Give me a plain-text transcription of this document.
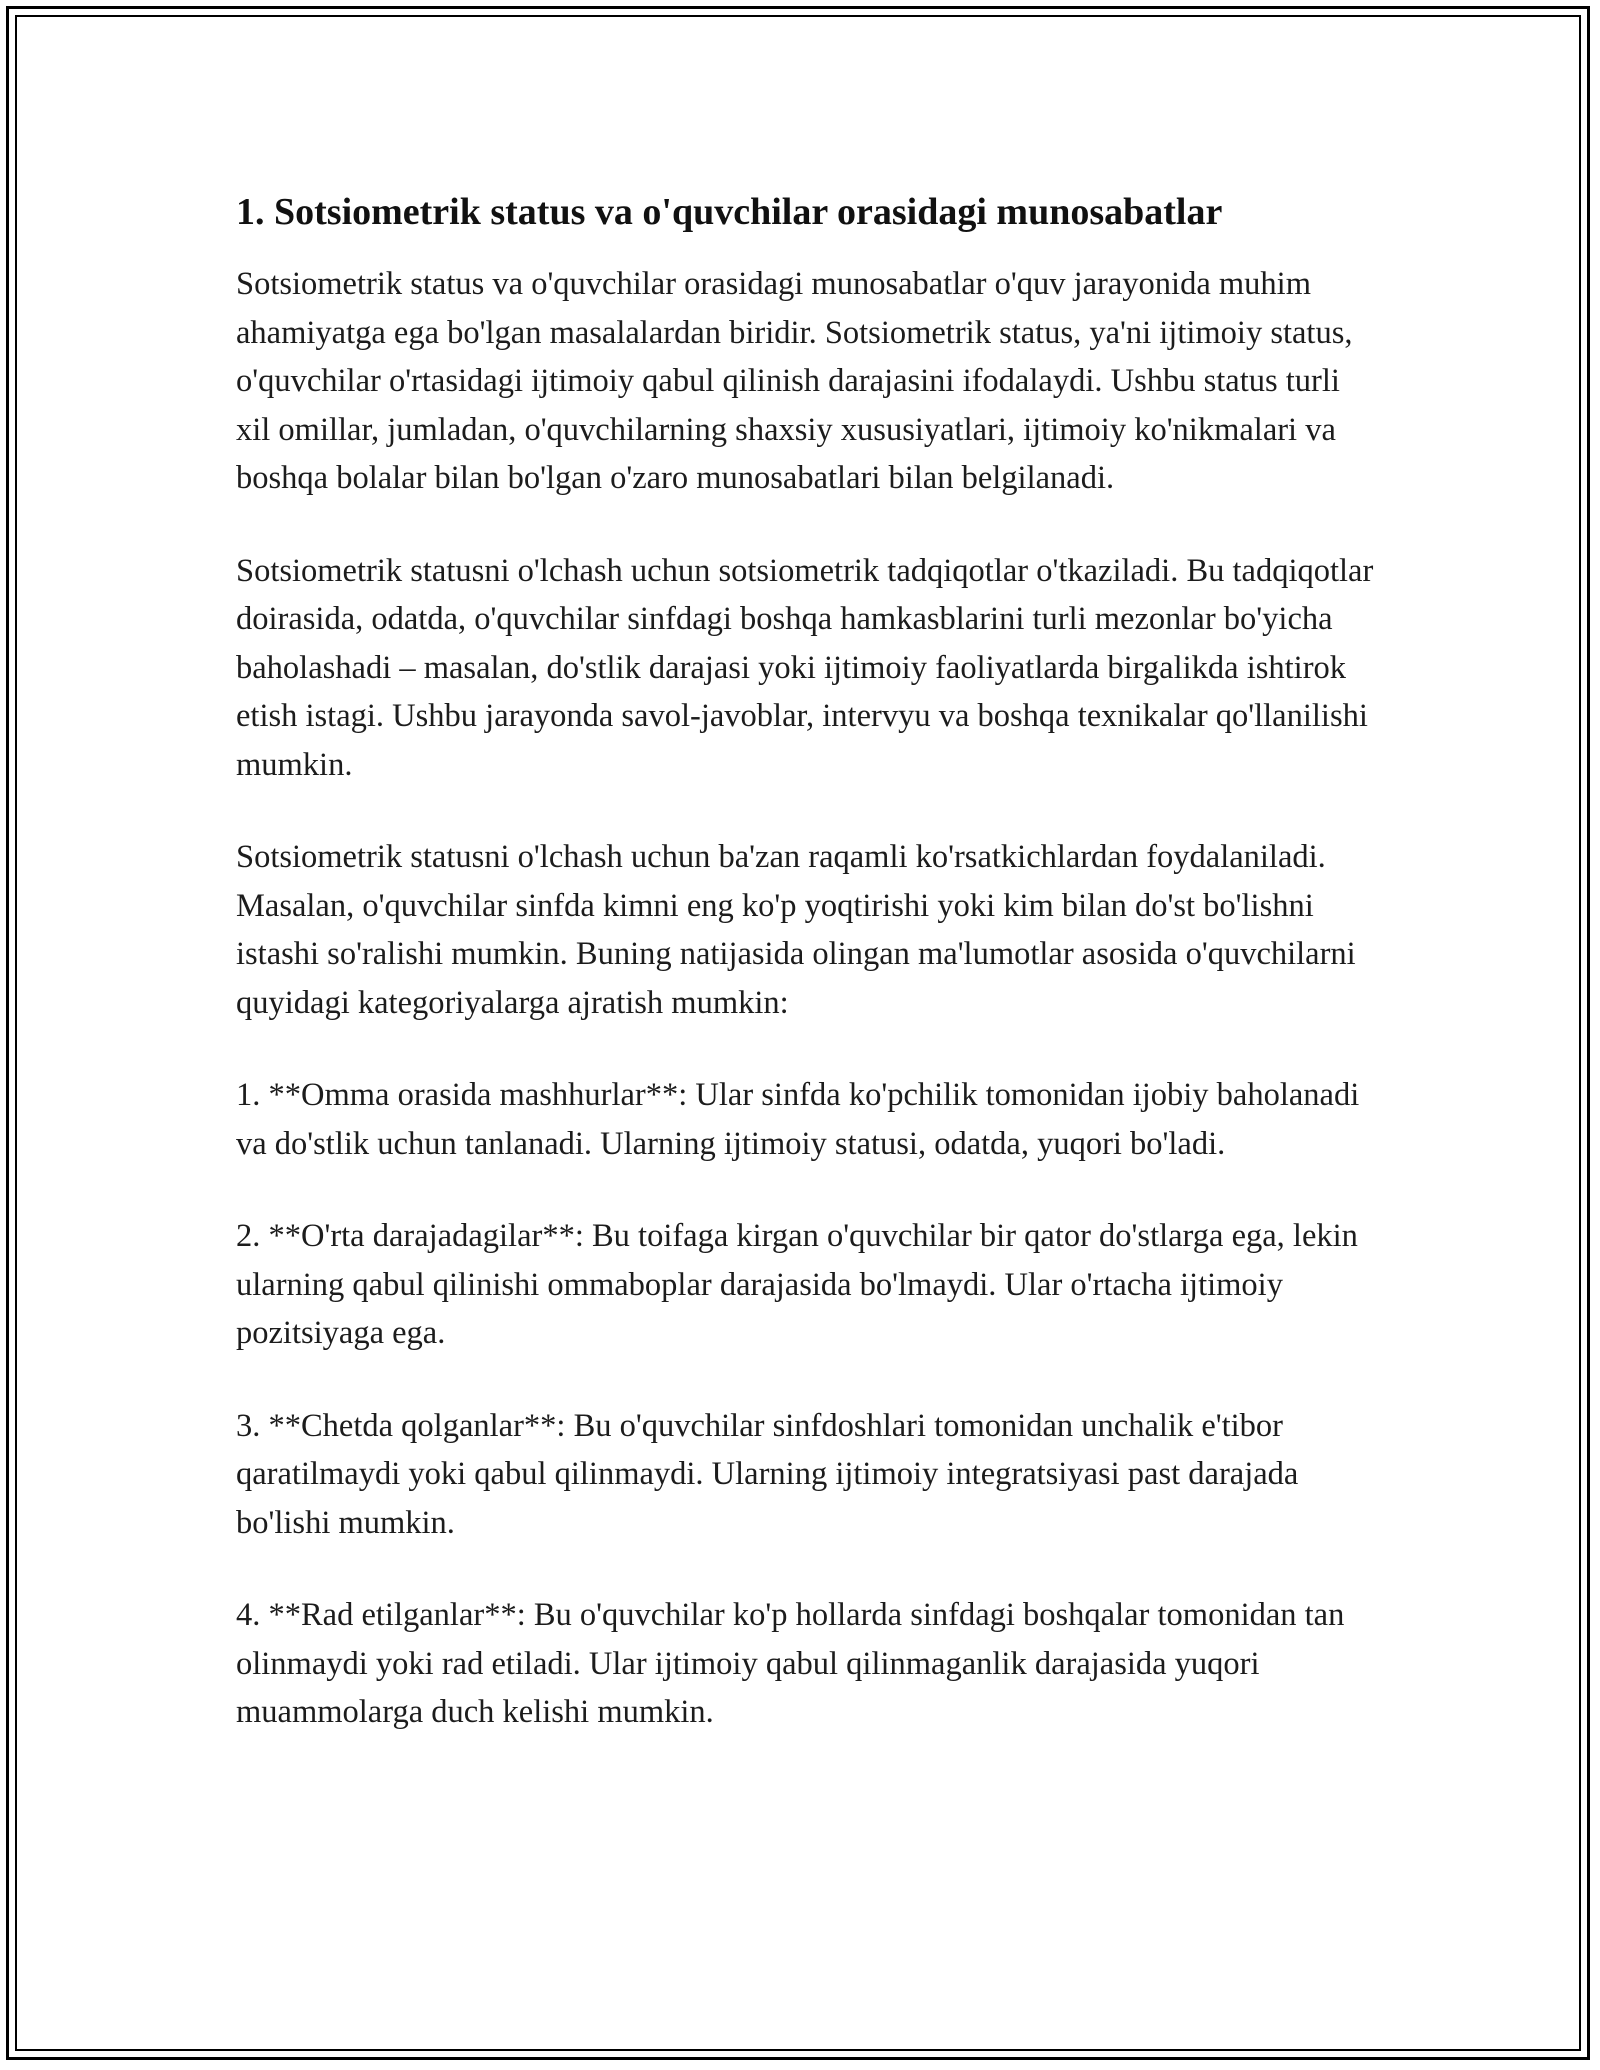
1. Sotsiometrik status va o'quvchilar orasidagi munosabatlar

Sotsiometrik status va o'quvchilar orasidagi munosabatlar o'quv jarayonida muhim ahamiyatga ega bo'lgan masalalardan biridir. Sotsiometrik status, ya'ni ijtimoiy status, o'quvchilar o'rtasidagi ijtimoiy qabul qilinish darajasini ifodalaydi. Ushbu status turli xil omillar, jumladan, o'quvchilarning shaxsiy xususiyatlari, ijtimoiy ko'nikmalari va boshqa bolalar bilan bo'lgan o'zaro munosabatlari bilan belgilanadi.

Sotsiometrik statusni o'lchash uchun sotsiometrik tadqiqotlar o'tkaziladi. Bu tadqiqotlar doirasida, odatda, o'quvchilar sinfdagi boshqa hamkasblarini turli mezonlar bo'yicha baholashadi – masalan, do'stlik darajasi yoki ijtimoiy faoliyatlarda birgalikda ishtirok etish istagi. Ushbu jarayonda savol-javoblar, intervyu va boshqa texnikalar qo'llanilishi mumkin.

Sotsiometrik statusni o'lchash uchun ba'zan raqamli ko'rsatkichlardan foydalaniladi. Masalan, o'quvchilar sinfda kimni eng ko'p yoqtirishi yoki kim bilan do'st bo'lishni istashi so'ralishi mumkin. Buning natijasida olingan ma'lumotlar asosida o'quvchilarni quyidagi kategoriyalarga ajratish mumkin:

1. **Omma orasida mashhurlar**: Ular sinfda ko'pchilik tomonidan ijobiy baholanadi va do'stlik uchun tanlanadi. Ularning ijtimoiy statusi, odatda, yuqori bo'ladi.

2. **O'rta darajadagilar**: Bu toifaga kirgan o'quvchilar bir qator do'stlarga ega, lekin ularning qabul qilinishi ommaboplar darajasida bo'lmaydi. Ular o'rtacha ijtimoiy pozitsiyaga ega.

3. **Chetda qolganlar**: Bu o'quvchilar sinfdoshlari tomonidan unchalik e'tibor qaratilmaydi yoki qabul qilinmaydi. Ularning ijtimoiy integratsiyasi past darajada bo'lishi mumkin.

4. **Rad etilganlar**: Bu o'quvchilar ko'p hollarda sinfdagi boshqalar tomonidan tan olinmaydi yoki rad etiladi. Ular ijtimoiy qabul qilinmaganlik darajasida yuqori muammolarga duch kelishi mumkin.
